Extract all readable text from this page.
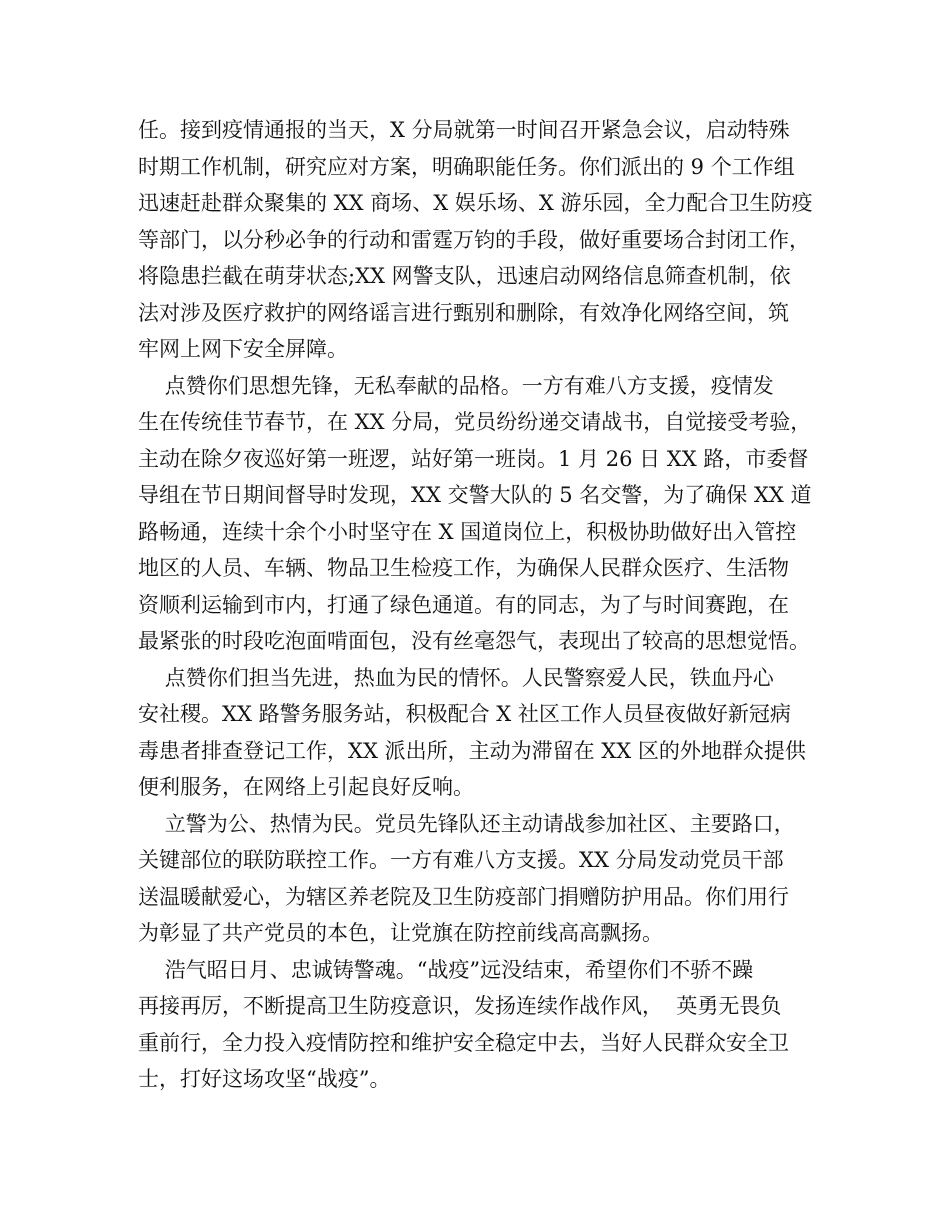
任。接到疫情通报的当天，X 分局就第一时间召开紧急会议，启动特殊
时期工作机制，研究应对方案，明确职能任务。你们派出的 9 个工作组
迅速赶赴群众聚集的 XX 商场、X 娱乐场、X 游乐园，全力配合卫生防疫
等部门，以分秒必争的行动和雷霆万钧的手段，做好重要场合封闭工作，
将隐患拦截在萌芽状态;XX 网警支队，迅速启动网络信息筛查机制，依
法对涉及医疗救护的网络谣言进行甄别和删除，有效净化网络空间，筑
牢网上网下安全屏障。
点赞你们思想先锋，无私奉献的品格。一方有难八方支援，疫情发
生在传统佳节春节，在 XX 分局，党员纷纷递交请战书，自觉接受考验，
主动在除夕夜巡好第一班逻，站好第一班岗。1 月 26 日 XX 路，市委督
导组在节日期间督导时发现，XX 交警大队的 5 名交警，为了确保 XX 道
路畅通，连续十余个小时坚守在 X 国道岗位上，积极协助做好出入管控
地区的人员、车辆、物品卫生检疫工作，为确保人民群众医疗、生活物
资顺利运输到市内，打通了绿色通道。有的同志，为了与时间赛跑，在
最紧张的时段吃泡面啃面包，没有丝毫怨气，表现出了较高的思想觉悟。
点赞你们担当先进，热血为民的情怀。人民警察爱人民，铁血丹心
安社稷。XX 路警务服务站，积极配合 X 社区工作人员昼夜做好新冠病
毒患者排查登记工作，XX 派出所，主动为滞留在 XX 区的外地群众提供
便利服务，在网络上引起良好反响。
立警为公、热情为民。党员先锋队还主动请战参加社区、主要路口，
关键部位的联防联控工作。一方有难八方支援。XX 分局发动党员干部
送温暖献爱心，为辖区养老院及卫生防疫部门捐赠防护用品。你们用行
为彰显了共产党员的本色，让党旗在防控前线高高飘扬。
浩气昭日月、忠诚铸警魂。“战疫”远没结束，希望你们不骄不躁
再接再厉，不断提高卫生防疫意识，发扬连续作战作风，  英勇无畏负
重前行，全力投入疫情防控和维护安全稳定中去，当好人民群众安全卫
士，打好这场攻坚“战疫”。
